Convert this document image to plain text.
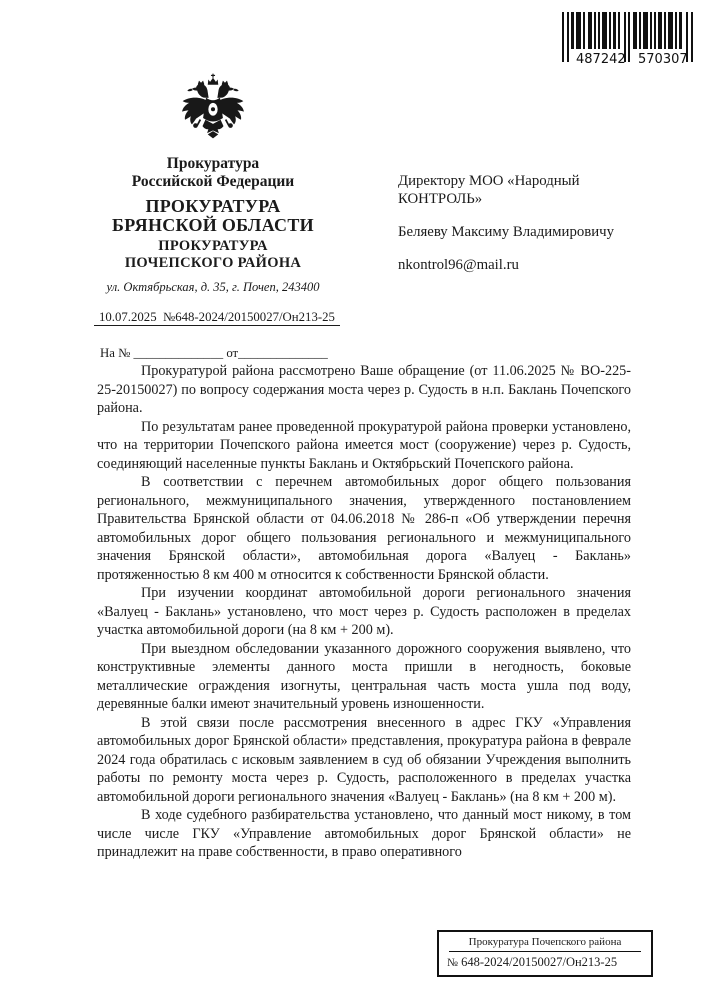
487242 570307
Прокуратура
Российской Федерации
ПРОКУРАТУРА
БРЯНСКОЙ ОБЛАСТИ
ПРОКУРАТУРА
ПОЧЕПСКОГО РАЙОНА
ул. Октябрьская, д. 35, г. Почеп, 243400
10.07.2025 №648-2024/20150027/Он213-25
На № ______________ от______________

Директору МОО «Народный КОНТРОЛЬ»

Беляеву Максиму Владимировичу

nkontrol96@mail.ru

Прокуратурой района рассмотрено Ваше обращение (от 11.06.2025 № ВО-225-25-20150027) по вопросу содержания моста через р. Судость в н.п. Баклань Почепского района.

По результатам ранее проведенной прокуратурой района проверки установлено, что на территории Почепского района имеется мост (сооружение) через р. Судость, соединяющий населенные пункты Баклань и Октябрьский Почепского района.

В соответствии с перечнем автомобильных дорог общего пользования регионального, межмуниципального значения, утвержденного постановлением Правительства Брянской области от 04.06.2018 № 286-п «Об утверждении перечня автомобильных дорог общего пользования регионального и межмуниципального значения Брянской области», автомобильная дорога «Валуец - Баклань» протяженностью 8 км 400 м относится к собственности Брянской области.

При изучении координат автомобильной дороги регионального значения «Валуец - Баклань» установлено, что мост через р. Судость расположен в пределах участка автомобильной дороги (на 8 км + 200 м).

При выездном обследовании указанного дорожного сооружения выявлено, что конструктивные элементы данного моста пришли в негодность, боковые металлические ограждения изогнуты, центральная часть моста ушла под воду, деревянные балки имеют значительный уровень изношенности.

В этой связи после рассмотрения внесенного в адрес ГКУ «Управления автомобильных дорог Брянской области» представления, прокуратура района в феврале 2024 года обратилась с исковым заявлением в суд об обязании Учреждения выполнить работы по ремонту моста через р. Судость, расположенного в пределах участка автомобильной дороги регионального значения «Валуец - Баклань» (на 8 км + 200 м).

В ходе судебного разбирательства установлено, что данный мост никому, в том числе числе ГКУ «Управление автомобильных дорог Брянской области» не принадлежит на праве собственности, в право оперативного

Прокуратура Почепского района
№ 648-2024/20150027/Он213-25
